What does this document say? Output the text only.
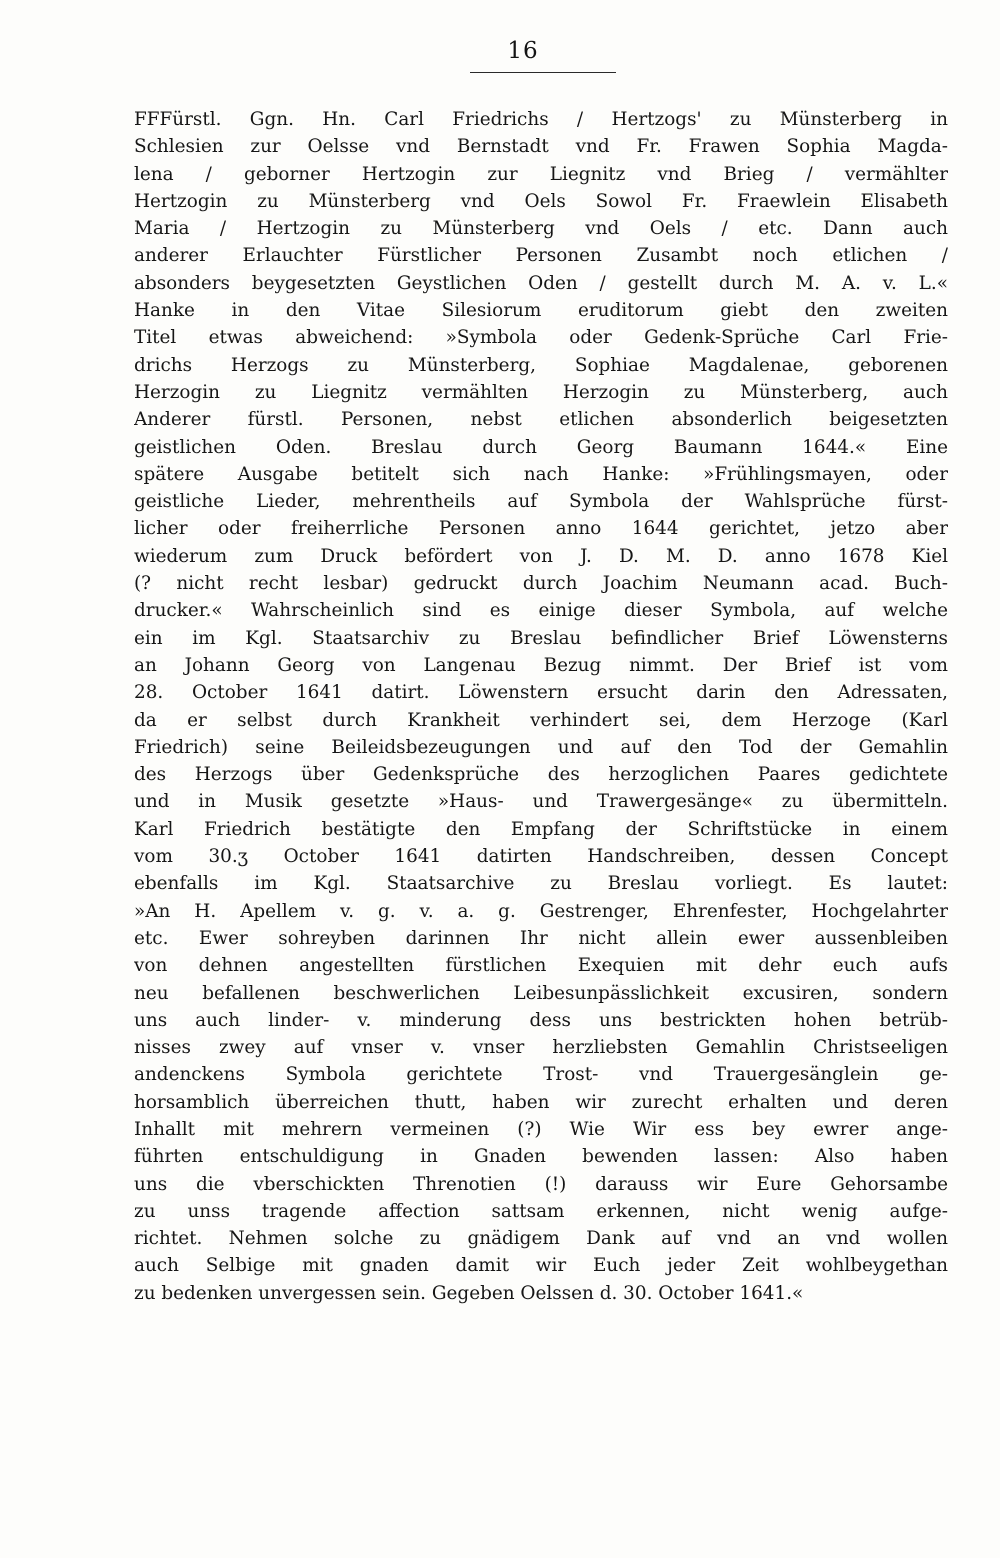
16
FFFürstl. Ggn. Hn. Carl Friedrichs / Hertzogs' zu Münsterberg in
Schlesien zur Oelsse vnd Bernstadt vnd Fr. Frawen Sophia Magda-
lena / geborner Hertzogin zur Liegnitz vnd Brieg / vermählter
Hertzogin zu Münsterberg vnd Oels Sowol Fr. Fraewlein Elisabeth
Maria / Hertzogin zu Münsterberg vnd Oels / etc. Dann auch
anderer Erlauchter Fürstlicher Personen Zusambt noch etlichen /
absonders beygesetzten Geystlichen Oden / gestellt durch M. A. v. L.«
Hanke in den Vitae Silesiorum eruditorum giebt den zweiten
Titel etwas abweichend: »Symbola oder Gedenk-Sprüche Carl Frie-
drichs Herzogs zu Münsterberg, Sophiae Magdalenae, geborenen
Herzogin zu Liegnitz vermählten Herzogin zu Münsterberg, auch
Anderer fürstl. Personen, nebst etlichen absonderlich beigesetzten
geistlichen Oden. Breslau durch Georg Baumann 1644.« Eine
spätere Ausgabe betitelt sich nach Hanke: »Frühlingsmayen, oder
geistliche Lieder, mehrentheils auf Symbola der Wahlsprüche fürst-
licher oder freiherrliche Personen anno 1644 gerichtet, jetzo aber
wiederum zum Druck befördert von J. D. M. D. anno 1678 Kiel
(? nicht recht lesbar) gedruckt durch Joachim Neumann acad. Buch-
drucker.« Wahrscheinlich sind es einige dieser Symbola, auf welche
ein im Kgl. Staatsarchiv zu Breslau befindlicher Brief Löwensterns
an Johann Georg von Langenau Bezug nimmt. Der Brief ist vom
28. October 1641 datirt. Löwenstern ersucht darin den Adressaten,
da er selbst durch Krankheit verhindert sei, dem Herzoge (Karl
Friedrich) seine Beileidsbezeugungen und auf den Tod der Gemahlin
des Herzogs über Gedenksprüche des herzoglichen Paares gedichtete
und in Musik gesetzte »Haus- und Trawergesänge« zu übermitteln.
Karl Friedrich bestätigte den Empfang der Schriftstücke in einem
vom 30.ʒ October 1641 datirten Handschreiben, dessen Concept
ebenfalls im Kgl. Staatsarchive zu Breslau vorliegt. Es lautet:
»An H. Apellem v. g. v. a. g. Gestrenger, Ehrenfester, Hochgelahrter
etc. Ewer sohreyben darinnen Ihr nicht allein ewer aussenbleiben
von dehnen angestellten fürstlichen Exequien mit dehr euch aufs
neu befallenen beschwerlichen Leibesunpässlichkeit excusiren, sondern
uns auch linder- v. minderung dess uns bestrickten hohen betrüb-
nisses zwey auf vnser v. vnser herzliebsten Gemahlin Christseeligen
andenckens Symbola gerichtete Trost- vnd Trauergesänglein ge-
horsamblich überreichen thutt, haben wir zurecht erhalten und deren
Inhallt mit mehrern vermeinen (?) Wie Wir ess bey ewrer ange-
führten entschuldigung in Gnaden bewenden lassen: Also haben
uns die vberschickten Threnotien (!) darauss wir Eure Gehorsambe
zu unss tragende affection sattsam erkennen, nicht wenig aufge-
richtet. Nehmen solche zu gnädigem Dank auf vnd an vnd wollen
auch Selbige mit gnaden damit wir Euch jeder Zeit wohlbeygethan
zu bedenken unvergessen sein. Gegeben Oelssen d. 30. October 1641.«
